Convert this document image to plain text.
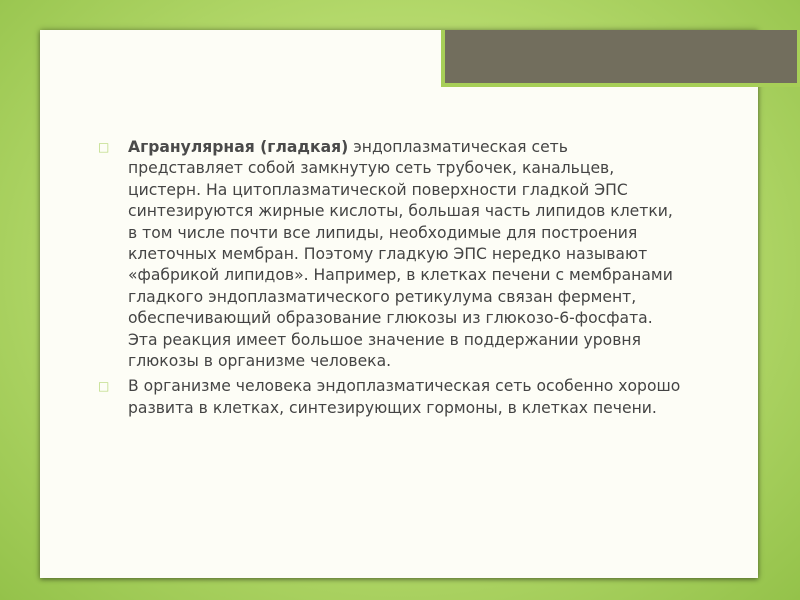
□ Агранулярная (гладкая) эндоплазматическая сеть представляет собой замкнутую сеть трубочек, канальцев, цистерн. На цитоплазматической поверхности гладкой ЭПС синтезируются жирные кислоты, большая часть липидов клетки, в том числе почти все липиды, необходимые для построения клеточных мембран. Поэтому гладкую ЭПС нередко называют «фабрикой липидов». Например, в клетках печени с мембранами гладкого эндоплазматического ретикулума связан фермент, обеспечивающий образование глюкозы из глюкозо-6-фосфата. Эта реакция имеет большое значение в поддержании уровня глюкозы в организме человека.
□ В организме человека эндоплазматическая сеть особенно хорошо развита в клетках, синтезирующих гормоны, в клетках печени.
